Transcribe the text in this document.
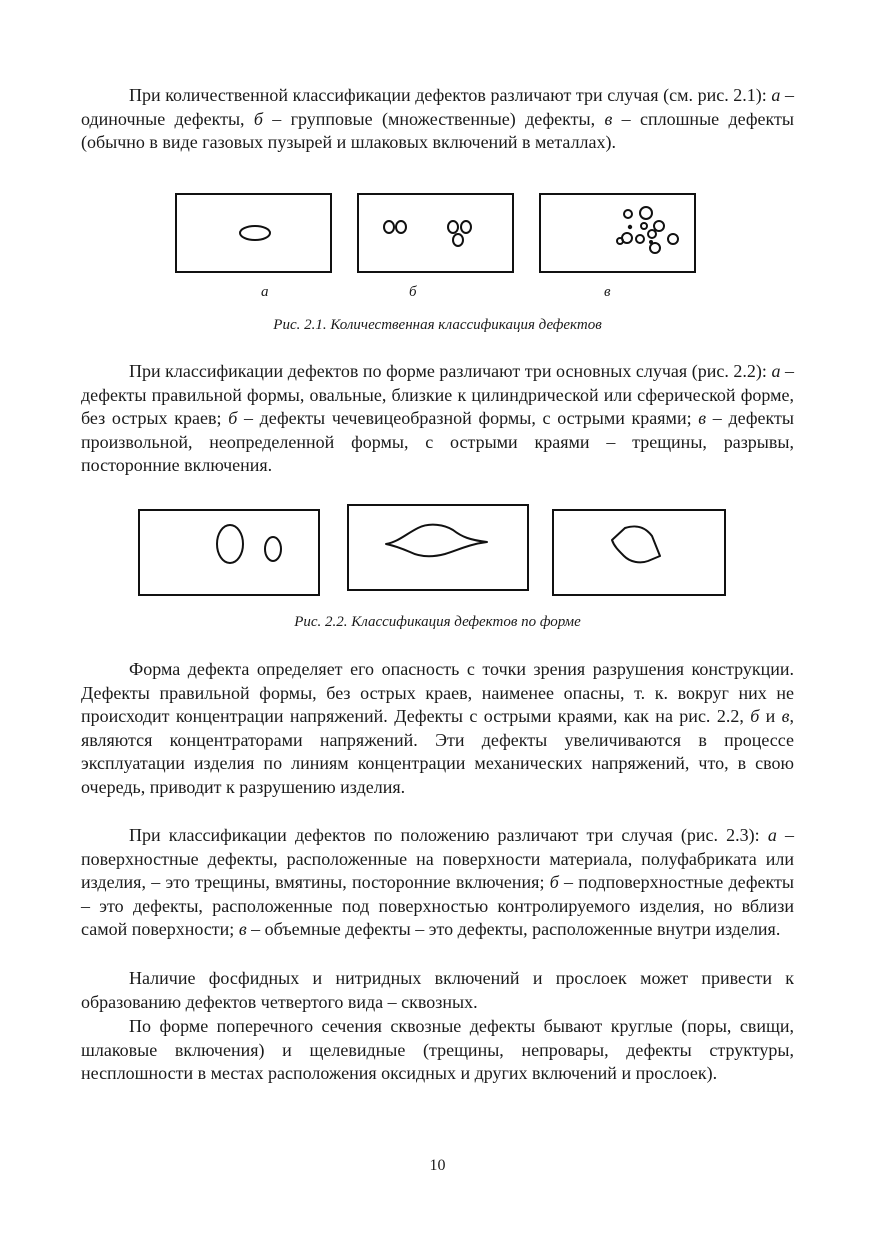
При количественной классификации дефектов различают три случая (см. рис. 2.1): а – одиночные дефекты, б – групповые (множественные) дефекты, в – сплошные дефекты (обычно в виде газовых пузырей и шлаковых включений в металлах).

а	б	в
Рис. 2.1. Количественная классификация дефектов

При классификации дефектов по форме различают три основных случая (рис. 2.2): а – дефекты правильной формы, овальные, близкие к цилиндрической или сферической форме, без острых краев; б – дефекты чечевицеобразной формы, с острыми краями; в – дефекты произвольной, неопределенной формы, с острыми краями – трещины, разрывы, посторонние включения.

Рис. 2.2. Классификация дефектов по форме

Форма дефекта определяет его опасность с точки зрения разрушения конструкции. Дефекты правильной формы, без острых краев, наименее опасны, т. к. вокруг них не происходит концентрации напряжений. Дефекты с острыми краями, как на рис. 2.2, б и в, являются концентраторами напряжений. Эти дефекты увеличиваются в процессе эксплуатации изделия по линиям концентрации механических напряжений, что, в свою очередь, приводит к разрушению изделия.

При классификации дефектов по положению различают три случая (рис. 2.3): а – поверхностные дефекты, расположенные на поверхности материала, полуфабриката или изделия, – это трещины, вмятины, посторонние включения; б – подповерхностные дефекты – это дефекты, расположенные под поверхностью контролируемого изделия, но вблизи самой поверхности; в – объемные дефекты – это дефекты, расположенные внутри изделия.

Наличие фосфидных и нитридных включений и прослоек может привести к образованию дефектов четвертого вида – сквозных.

По форме поперечного сечения сквозные дефекты бывают круглые (поры, свищи, шлаковые включения) и щелевидные (трещины, непровары, дефекты структуры, несплошности в местах расположения оксидных и других включений и прослоек).

10
